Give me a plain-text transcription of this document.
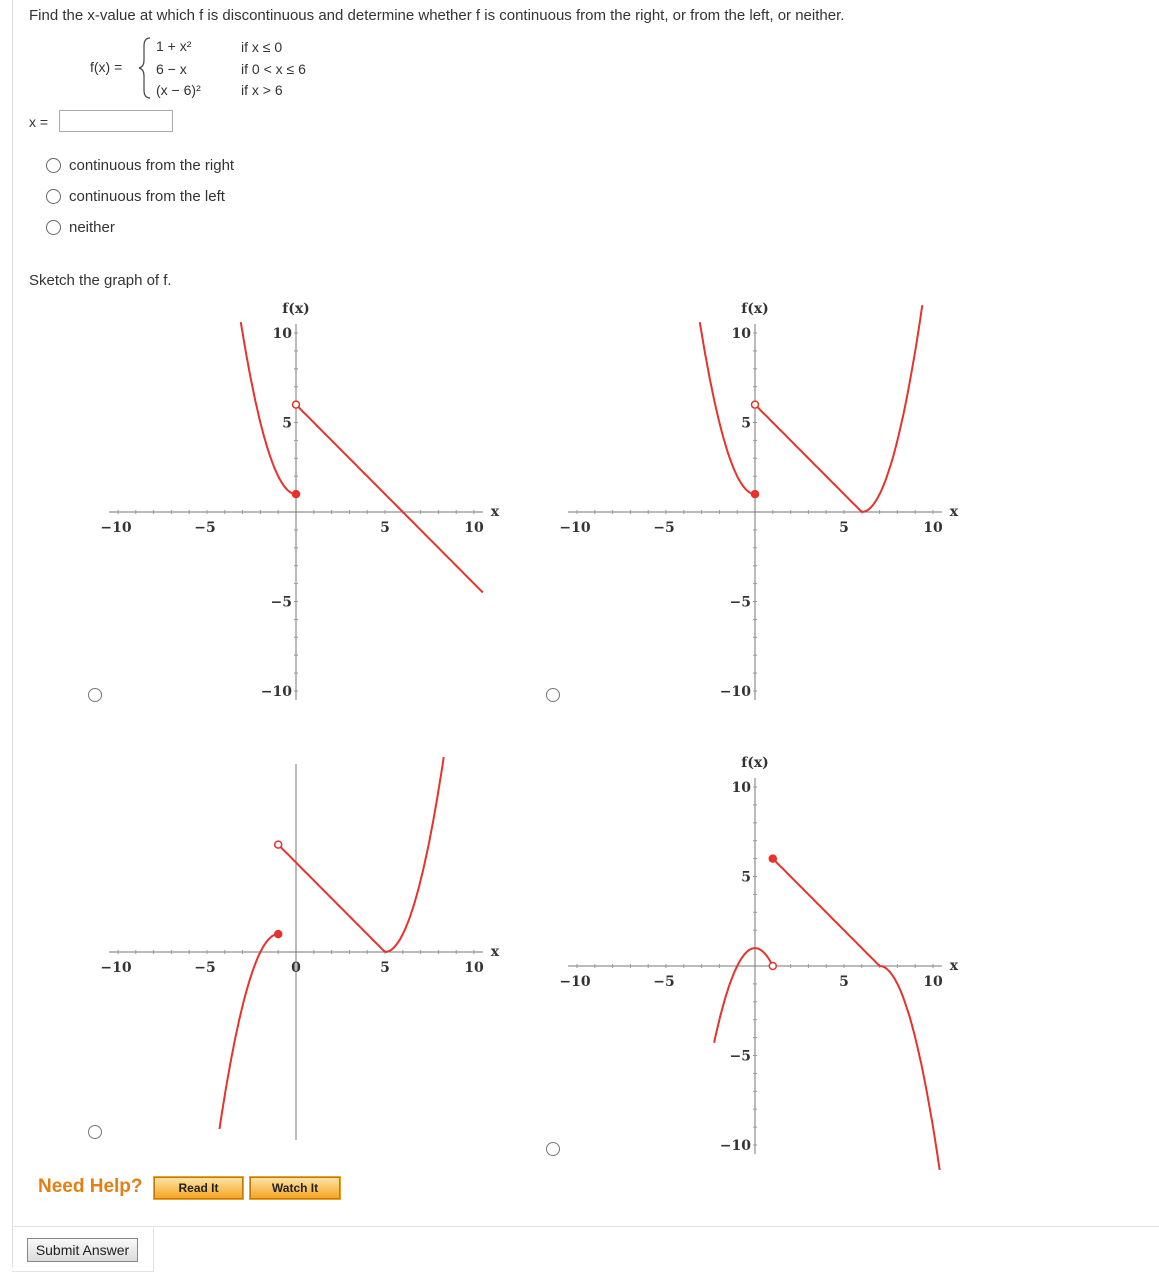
Find the x-value at which f is discontinuous and determine whether f is continuous from the right, or from the left, or neither.
f(x) =
1 + x²	if x ≤ 0
6 − x	if 0 < x ≤ 6
(x − 6)²	if x > 6
x =
continuous from the right
continuous from the left
neither
Sketch the graph of f.
−10	−5	5	10
10
5
−5
−10
f(x)
x
−10	−5	5	10
10
5
−5
−10
f(x)
x
−10	−5	0	5	10
x
−10	−5	5	10
10
5
−5
−10
f(x)
x
Need Help?	Read It	Watch It
Submit Answer
